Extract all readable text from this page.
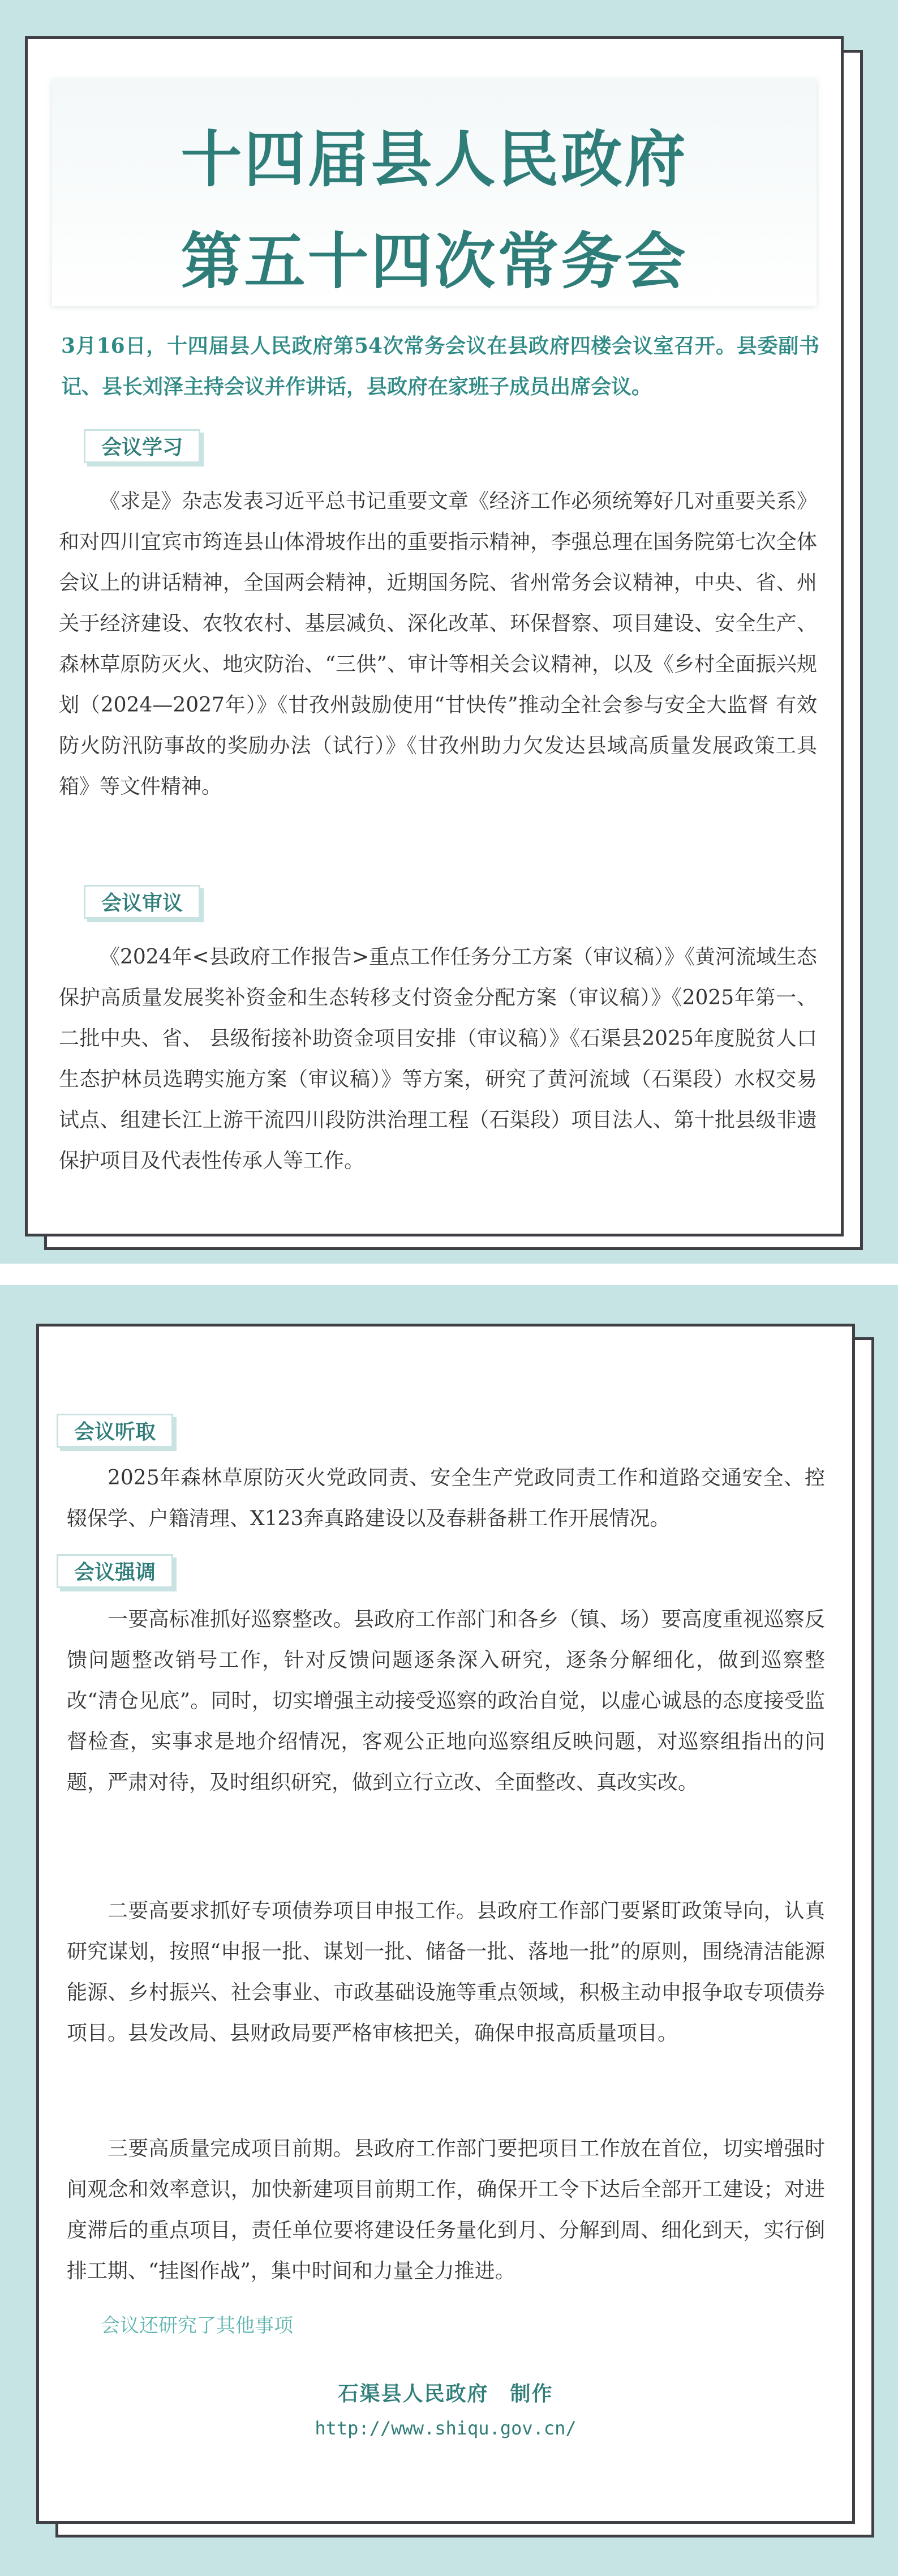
十四届县人民政府
第五十四次常务会
3月16日，十四届县人民政府第54次常务会议在县政府四楼会议室召开。县委副书记、县长刘泽主持会议并作讲话，县政府在家班子成员出席会议。
会议学习

《求是》杂志发表习近平总书记重要文章《经济工作必须统筹好几对重要关系》和对四川宜宾市筠连县山体滑坡作出的重要指示精神，李强总理在国务院第七次全体会议上的讲话精神，全国两会精神，近期国务院、省州常务会议精神，中央、省、州关于经济建设、农牧农村、基层减负、深化改革、环保督察、项目建设、安全生产、森林草原防灭火、地灾防治、“三供”、审计等相关会议精神，以及《乡村全面振兴规划（2024—2027年）》《甘孜州鼓励使用“甘快传”推动全社会参与安全大监督 有效防火防汛防事故的奖励办法（试行）》《甘孜州助力欠发达县域高质量发展政策工具箱》等文件精神。

会议审议

《2024年<县政府工作报告>重点工作任务分工方案（审议稿）》《黄河流域生态保护高质量发展奖补资金和生态转移支付资金分配方案（审议稿）》《2025年第一、二批中央、省、 县级衔接补助资金项目安排（审议稿）》《石渠县2025年度脱贫人口生态护林员选聘实施方案（审议稿）》等方案，研究了黄河流域（石渠段）水权交易试点、组建长江上游干流四川段防洪治理工程（石渠段）项目法人、第十批县级非遗保护项目及代表性传承人等工作。

会议听取

2025年森林草原防灭火党政同责、安全生产党政同责工作和道路交通安全、控辍保学、户籍清理、X123奔真路建设以及春耕备耕工作开展情况。

会议强调

一要高标准抓好巡察整改。县政府工作部门和各乡（镇、场）要高度重视巡察反馈问题整改销号工作，针对反馈问题逐条深入研究，逐条分解细化，做到巡察整改“清仓见底”。同时，切实增强主动接受巡察的政治自觉，以虚心诚恳的态度接受监督检查，实事求是地介绍情况，客观公正地向巡察组反映问题，对巡察组指出的问题，严肃对待，及时组织研究，做到立行立改、全面整改、真改实改。

二要高要求抓好专项债券项目申报工作。县政府工作部门要紧盯政策导向，认真研究谋划，按照“申报一批、谋划一批、储备一批、落地一批”的原则，围绕清洁能源能源、乡村振兴、社会事业、市政基础设施等重点领域，积极主动申报争取专项债券项目。县发改局、县财政局要严格审核把关，确保申报高质量项目。

三要高质量完成项目前期。县政府工作部门要把项目工作放在首位，切实增强时间观念和效率意识，加快新建项目前期工作，确保开工令下达后全部开工建设；对进度滞后的重点项目，责任单位要将建设任务量化到月、分解到周、细化到天，实行倒排工期、“挂图作战”，集中时间和力量全力推进。

会议还研究了其他事项
石渠县人民政府　制作
http://www.shiqu.gov.cn/
